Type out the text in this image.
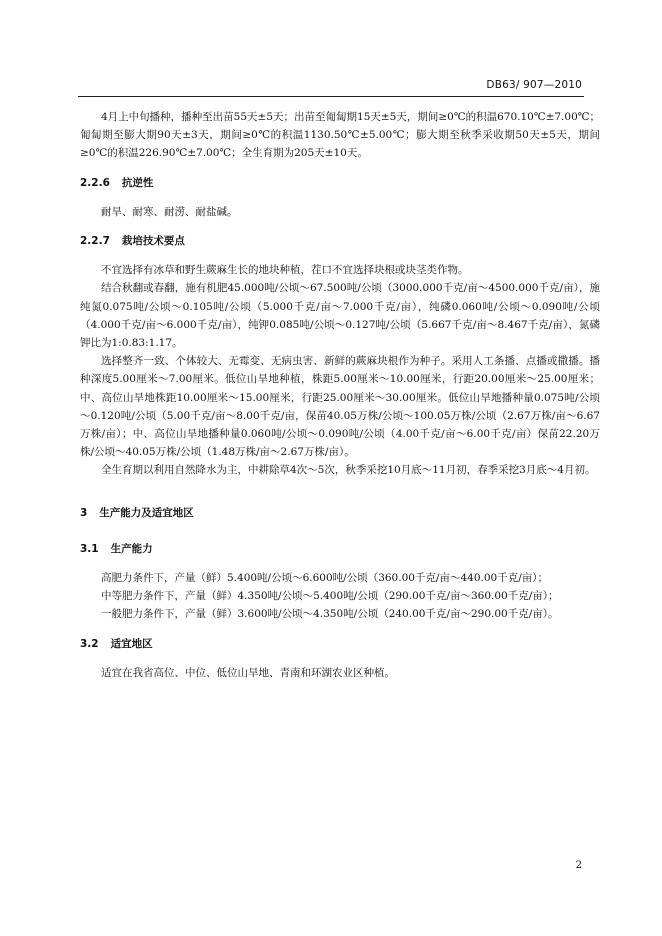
DB63/ 907—2010

4月上中旬播种，播种至出苗55天±5天；出苗至匍匐期15天±5天，期间≥0℃的积温670.10℃±7.00℃；匍匐期至膨大期90天±3天，期间≥0℃的积温1130.50℃±5.00℃；膨大期至秋季采收期50天±5天，期间≥0℃的积温226.90℃±7.00℃；全生育期为205天±10天。

2.2.6 抗逆性

耐旱、耐寒、耐涝、耐盐碱。

2.2.7 栽培技术要点

不宜选择有冰草和野生蕨麻生长的地块种植，茬口不宜选择块根或块茎类作物。

结合秋翻或春翻，施有机肥45.000吨/公顷～67.500吨/公顷（3000.000千克/亩～4500.000千克/亩），施纯氮0.075吨/公顷～0.105吨/公顷（5.000千克/亩～7.000千克/亩），纯磷0.060吨/公顷～0.090吨/公顷（4.000千克/亩～6.000千克/亩），纯钾0.085吨/公顷～0.127吨/公顷（5.667千克/亩～8.467千克/亩），氮磷钾比为1:0.83:1.17。

选择整齐一致、个体较大、无霉变、无病虫害、新鲜的蕨麻块根作为种子。采用人工条播、点播或撒播。播种深度5.00厘米～7.00厘米。低位山旱地种植，株距5.00厘米～10.00厘米，行距20.00厘米～25.00厘米；中、高位山旱地株距10.00厘米～15.00厘米，行距25.00厘米～30.00厘米。低位山旱地播种量0.075吨/公顷～0.120吨/公顷（5.00千克/亩～8.00千克/亩，保苗40.05万株/公顷～100.05万株/公顷（2.67万株/亩～6.67万株/亩）；中、高位山旱地播种量0.060吨/公顷～0.090吨/公顷（4.00千克/亩～6.00千克/亩）保苗22.20万株/公顷～40.05万株/公顷（1.48万株/亩～2.67万株/亩）。

全生育期以利用自然降水为主，中耕除草4次～5次，秋季采挖10月底～11月初，春季采挖3月底～4月初。

3 生产能力及适宜地区

3.1 生产能力

高肥力条件下，产量（鲜）5.400吨/公顷～6.600吨/公顷（360.00千克/亩～440.00千克/亩）；

中等肥力条件下，产量（鲜）4.350吨/公顷～5.400吨/公顷（290.00千克/亩～360.00千克/亩）；

一般肥力条件下，产量（鲜）3.600吨/公顷～4.350吨/公顷（240.00千克/亩～290.00千克/亩）。

3.2 适宜地区

适宜在我省高位、中位、低位山旱地、青南和环湖农业区种植。

2
